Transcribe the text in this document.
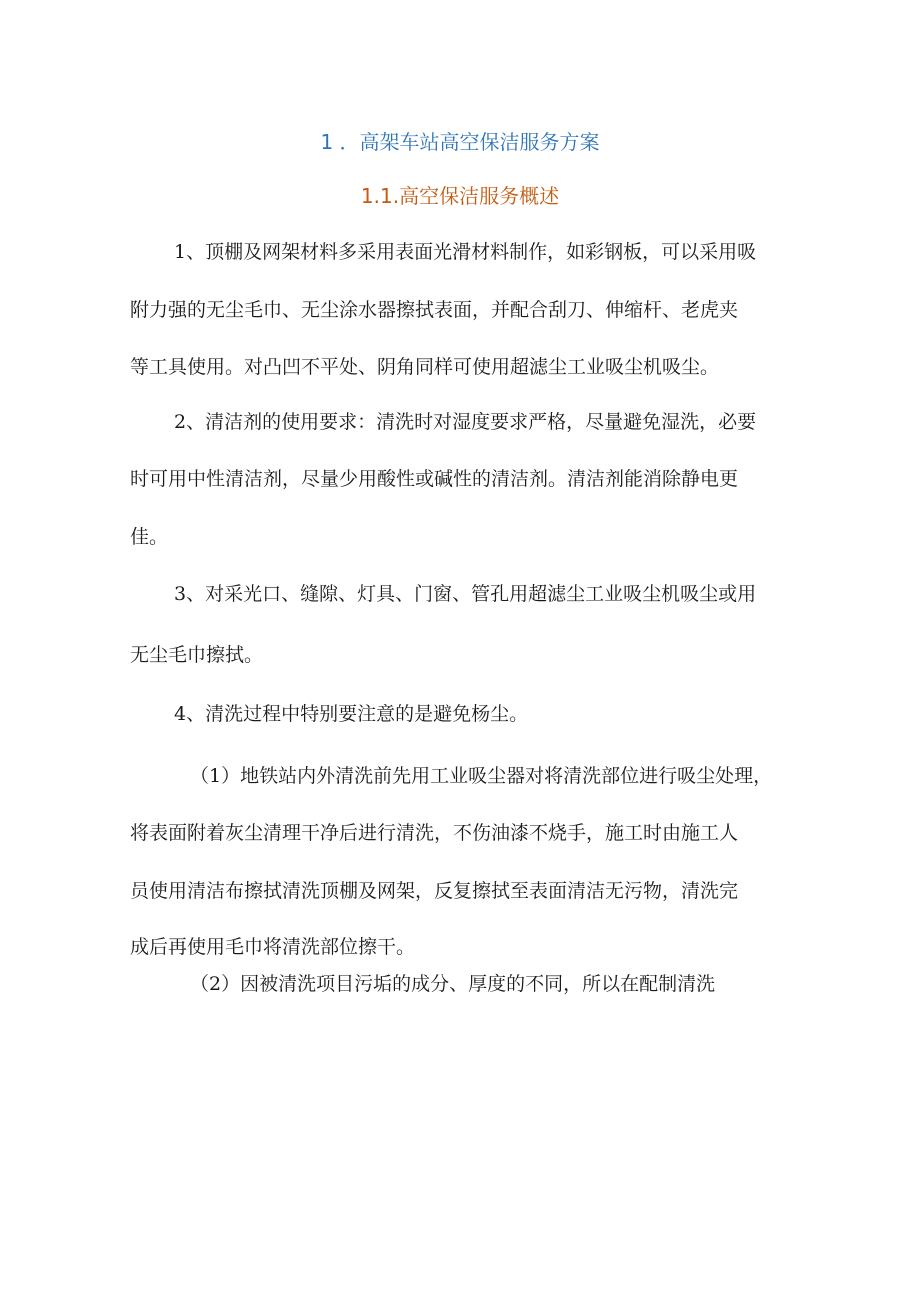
1 ．高架车站高空保洁服务方案
1.1.高空保洁服务概述
1、顶棚及网架材料多采用表面光滑材料制作，如彩钢板，可以采用吸
附力强的无尘毛巾、无尘涂水器擦拭表面，并配合刮刀、伸缩杆、老虎夹
等工具使用。对凸凹不平处、阴角同样可使用超滤尘工业吸尘机吸尘。
2、清洁剂的使用要求：清洗时对湿度要求严格，尽量避免湿洗，必要
时可用中性清洁剂，尽量少用酸性或碱性的清洁剂。清洁剂能消除静电更
佳。
3、对采光口、缝隙、灯具、门窗、管孔用超滤尘工业吸尘机吸尘或用
无尘毛巾擦拭。
4、清洗过程中特别要注意的是避免杨尘。
（1）地铁站内外清洗前先用工业吸尘器对将清洗部位进行吸尘处理，
将表面附着灰尘清理干净后进行清洗，不伤油漆不烧手，施工时由施工人
员使用清洁布擦拭清洗顶棚及网架，反复擦拭至表面清洁无污物，清洗完
成后再使用毛巾将清洗部位擦干。
（2）因被清洗项目污垢的成分、厚度的不同，所以在配制清洗
